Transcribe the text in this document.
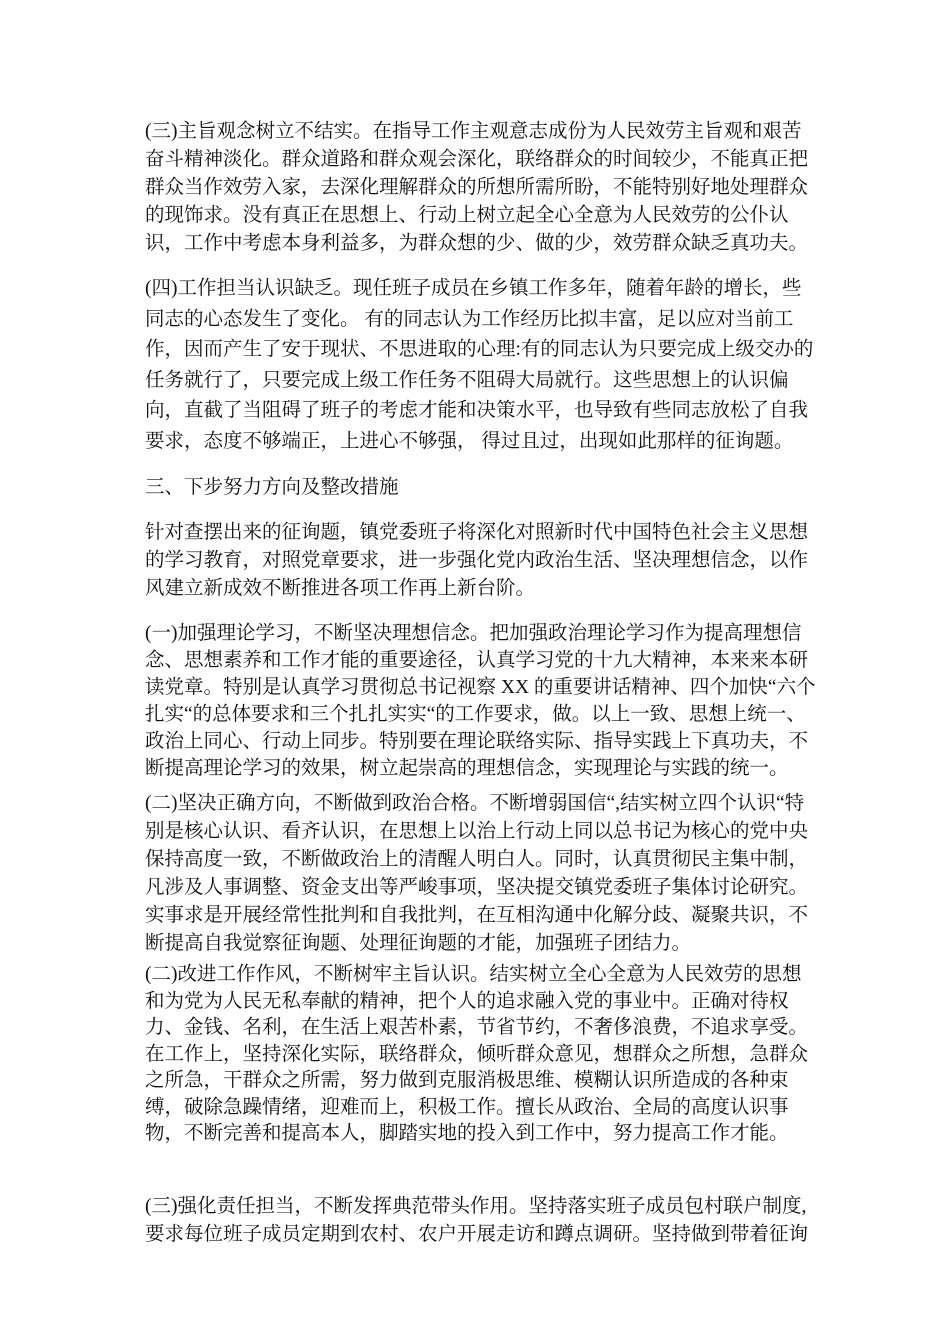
(三)主旨观念树立不结实。在指导工作主观意志成份为人民效劳主旨观和艰苦
奋斗精神淡化。群众道路和群众观会深化，联络群众的时间较少，不能真正把
群众当作效劳入家，去深化理解群众的所想所需所盼，不能特别好地处理群众
的现饰求。没有真正在思想上、行动上树立起全心全意为人民效劳的公仆认
识，工作中考虑本身利益多，为群众想的少、做的少，效劳群众缺乏真功夫。
(四)工作担当认识缺乏。现任班子成员在乡镇工作多年，随着年龄的增长，些
同志的心态发生了变化。 有的同志认为工作经历比拟丰富，足以应对当前工
作，因而产生了安于现状、不思进取的心理:有的同志认为只要完成上级交办的
任务就行了，只要完成上级工作任务不阻碍大局就行。这些思想上的认识偏
向，直截了当阻碍了班子的考虑才能和决策水平，也导致有些同志放松了自我
要求，态度不够端正，上进心不够强， 得过且过，出现如此那样的征询题。
三、下步努力方向及整改措施
针对查摆出来的征询题，镇党委班子将深化对照新时代中国特色社会主义思想
的学习教育，对照党章要求，进一步强化党内政治生活、坚决理想信念，以作
风建立新成效不断推进各项工作再上新台阶。
(一)加强理论学习，不断坚决理想信念。把加强政治理论学习作为提高理想信
念、思想素养和工作才能的重要途径，认真学习党的十九大精神，本来来本研
读党章。特别是认真学习贯彻总书记视察 XX 的重要讲话精神、四个加快“六个
扎实“的总体要求和三个扎扎实实“的工作要求，做。以上一致、思想上统一、
政治上同心、行动上同步。特别要在理论联络实际、指导实践上下真功夫，不
断提高理论学习的效果，树立起崇高的理想信念，实现理论与实践的统一。
(二)坚决正确方向，不断做到政治合格。不断增弱国信“,结实树立四个认识“特
别是核心认识、看齐认识，在思想上以治上行动上同以总书记为核心的党中央
保持高度一致，不断做政治上的清醒人明白人。同时，认真贯彻民主集中制，
凡涉及人事调整、资金支出等严峻事项，坚决提交镇党委班子集体讨论研究。
实事求是开展经常性批判和自我批判，在互相沟通中化解分歧、凝聚共识，不
断提高自我觉察征询题、处理征询题的才能，加强班子团结力。
(二)改进工作作风，不断树牢主旨认识。结实树立全心全意为人民效劳的思想
和为党为人民无私奉献的精神，把个人的追求融入党的事业中。正确对待权
力、金钱、名利，在生活上艰苦朴素，节省节约，不奢侈浪费，不追求享受。
在工作上，坚持深化实际，联络群众，倾听群众意见，想群众之所想，急群众
之所急，干群众之所需，努力做到克服消极思维、模糊认识所造成的各种束
缚，破除急躁情绪，迎难而上，积极工作。擅长从政治、全局的高度认识事
物，不断完善和提高本人，脚踏实地的投入到工作中，努力提高工作才能。
(三)强化责任担当，不断发挥典范带头作用。坚持落实班子成员包村联户制度,
要求每位班子成员定期到农村、农户开展走访和蹲点调研。坚持做到带着征询
